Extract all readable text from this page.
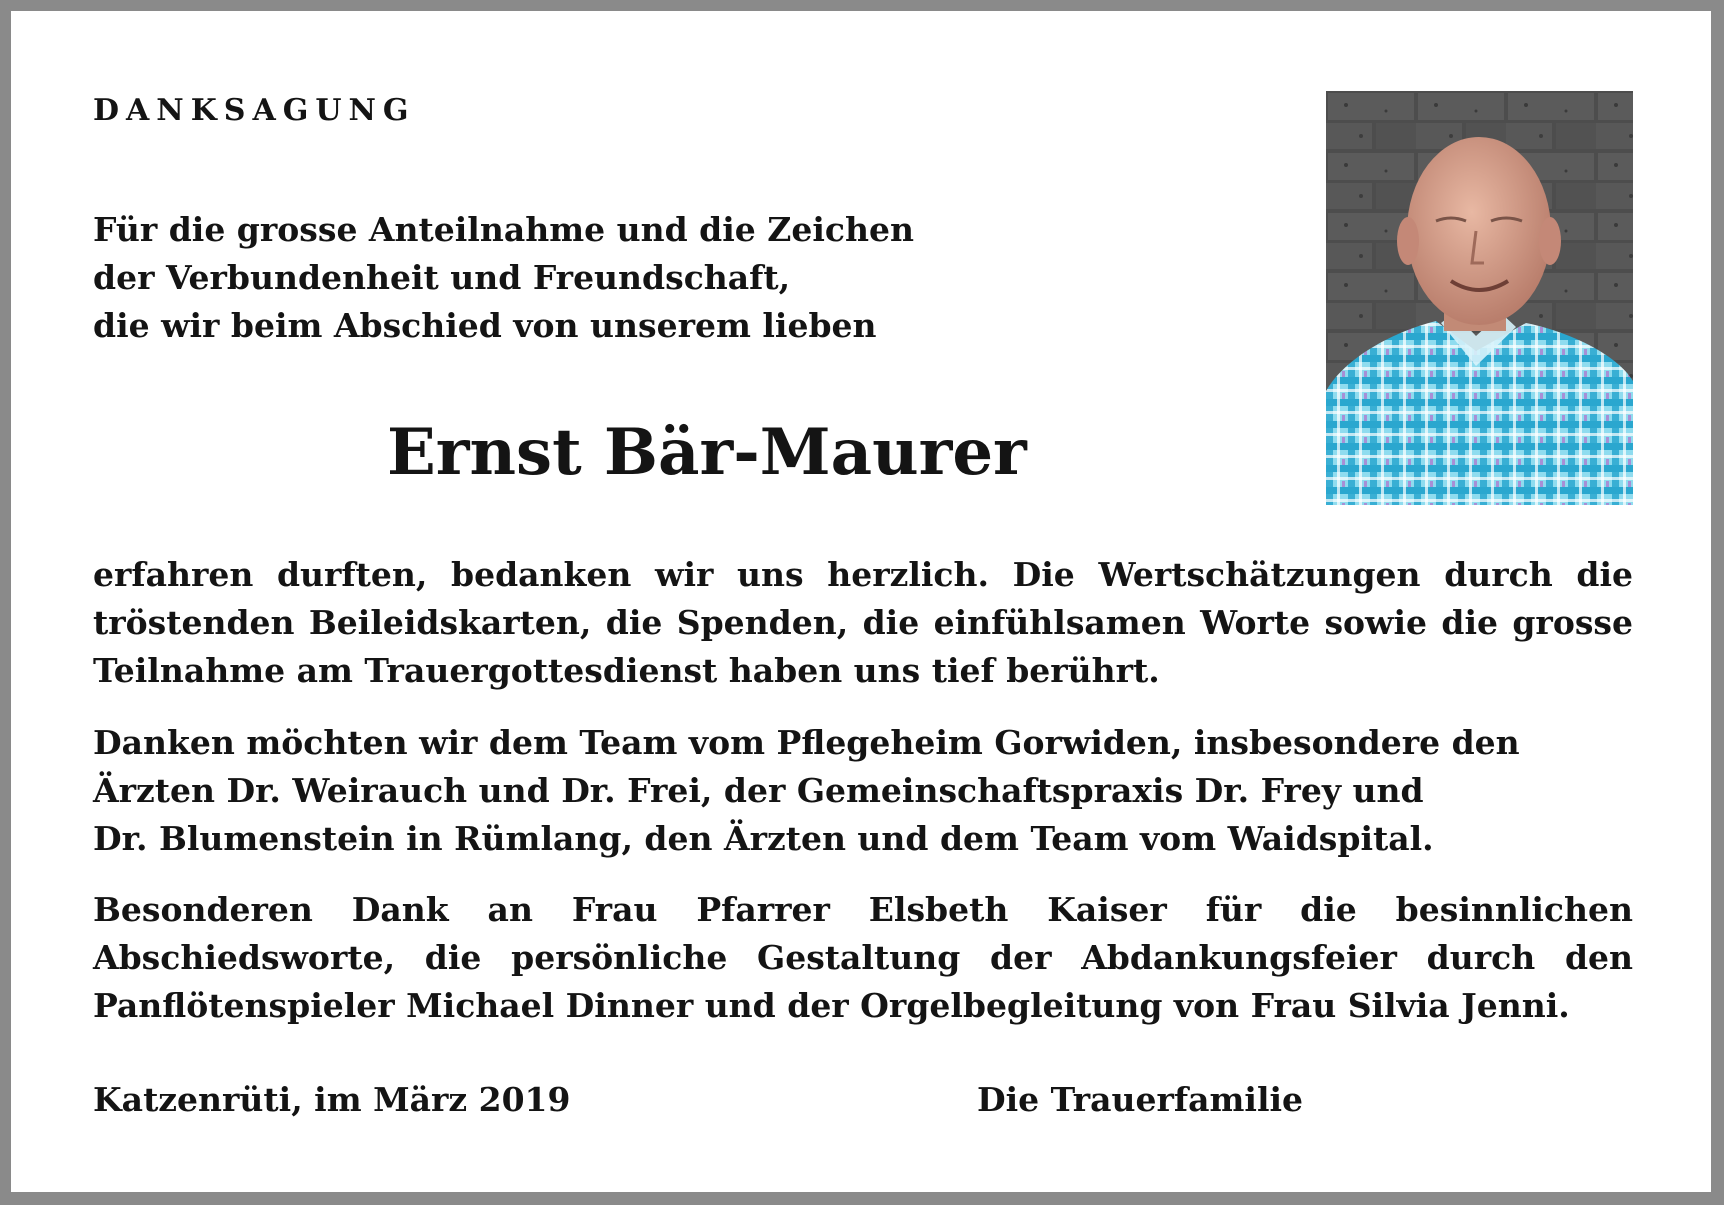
DANKSAGUNG
Für die grosse Anteilnahme und die Zeichen
der Verbundenheit und Freundschaft,
die wir beim Abschied von unserem lieben
Ernst Bär-Maurer
erfahren durften, bedanken wir uns herzlich. Die Wertschätzungen durch die tröstenden Beileidskarten, die Spenden, die einfühlsamen Worte sowie die grosse Teilnahme am Trauergottesdienst haben uns tief berührt.
Danken möchten wir dem Team vom Pflegeheim Gorwiden, insbesondere den
Ärzten Dr. Weirauch und Dr. Frei, der Gemeinschaftspraxis Dr. Frey und
Dr. Blumenstein in Rümlang, den Ärzten und dem Team vom Waidspital.
Besonderen Dank an Frau Pfarrer Elsbeth Kaiser für die besinnlichen Abschiedsworte, die persönliche Gestaltung der Abdankungsfeier durch den Panflötenspieler Michael Dinner und der Orgelbegleitung von Frau Silvia Jenni.
Katzenrüti, im März 2019	Die Trauerfamilie
